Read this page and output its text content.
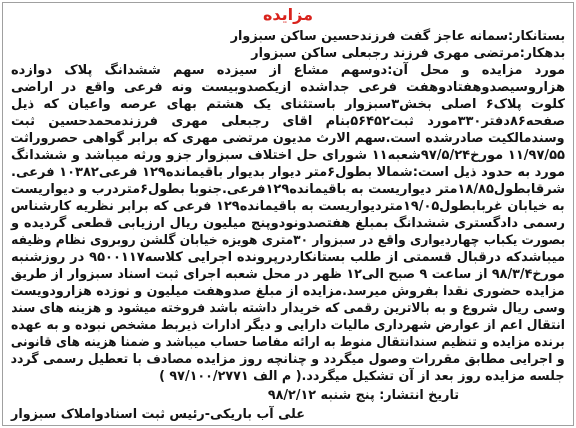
مزایده
بستانکار:سمانه عاجز گفت فرزندحسین ساکن سبزوار
بدهکار:مرتضی مهری فرزند رجبعلی ساکن سبزوار
مورد مزایده و محل آن:دوسهم مشاع از سیزده سهم ششدانگ پلاک دوازده
هزاروسیصدوهفتادوهفت فرعی جداشده ازیکصدوبیست ونه فرعی واقع در اراضی
کلوت پلاک۶ اصلی بخش۳سبزوار باستثنای یک هشتم بهای عرصه واعیان که ذیل
صفحه۸۶دفتر۳۳۰مورد ثبت۵۶۴۵۲بنام اقای رجبعلی مهری فرزندمحمدحسین ثبت
وسندمالکیت صادرشده است.سهم الارث مدیون مرتضی مهری که برابر گواهی حصروراثت
۱۱/۹۷/۵۵ مورخ۹۷/۵/۲۴شعبه۱۱ شورای حل اختلاف سبزوار جزو ورثه میباشد و ششدانگ
مورد به حدود ذیل است:شمالا بطول۶متر دیوار بدیوار باقیمانده۱۲۹ فرعی۱۰۳۸۲ فرعی.
شرقابطول۱۸/۸۵متر دیواریست به باقیمانده۱۲۹فرعی.جنوبا بطول۶متردرب و دیواریست
به خیابان غربابطول۱۹/۰۵متردیواریست به باقیمانده۱۲۹ فرعی که برابر نظریه کارشناس
رسمی دادگستری ششدانگ بمبلغ هفتصدونودوپنج میلیون ریال ارزیابی قطعی گردیده و
بصورت یکباب چهاردیواری واقع در سبزوار ۳۰متری هویزه خیابان گلشن روبروی نظام وظیفه
میباشدکه درقبال قسمتی از طلب بستانکاردرپرونده اجرایی کلاسه۹۵۰۰۱۱۷ در روزشنبه
مورخ۹۸/۳/۴ از ساعت ۹ صبح الی۱۲ ظهر در محل شعبه اجرای ثبت اسناد سبزوار از طریق
مزایده حضوری نقدا بفروش میرسد.مزایده از مبلغ صدوهفت میلیون و نوزده هزارودویست
وسی ریال شروع و به بالاترین رقمی که خریدار داشته باشد فروخته میشود و هزینه های سند
انتقال اعم از عوارض شهرداری مالیات دارایی و دیگر ادارات ذیربط مشخص نبوده و به عهده
برنده مزایده و تنظیم سندانتقال منوط به ارائه مفاصا حساب میباشد و ضمنا هزینه های قانونی
و اجرایی مطابق مقررات وصول میگردد و چنانچه روز مزایده مصادف با تعطیل رسمی گردد
جلسه مزایده روز بعد از آن تشکیل میگردد.( م الف ۹۷/۱۰۰/۲۷۷۱ )
تاریخ انتشار: پنج شنبه ۹۸/۲/۱۲
علی آب باریکی-رئیس ثبت اسنادواملاک سبزوار
